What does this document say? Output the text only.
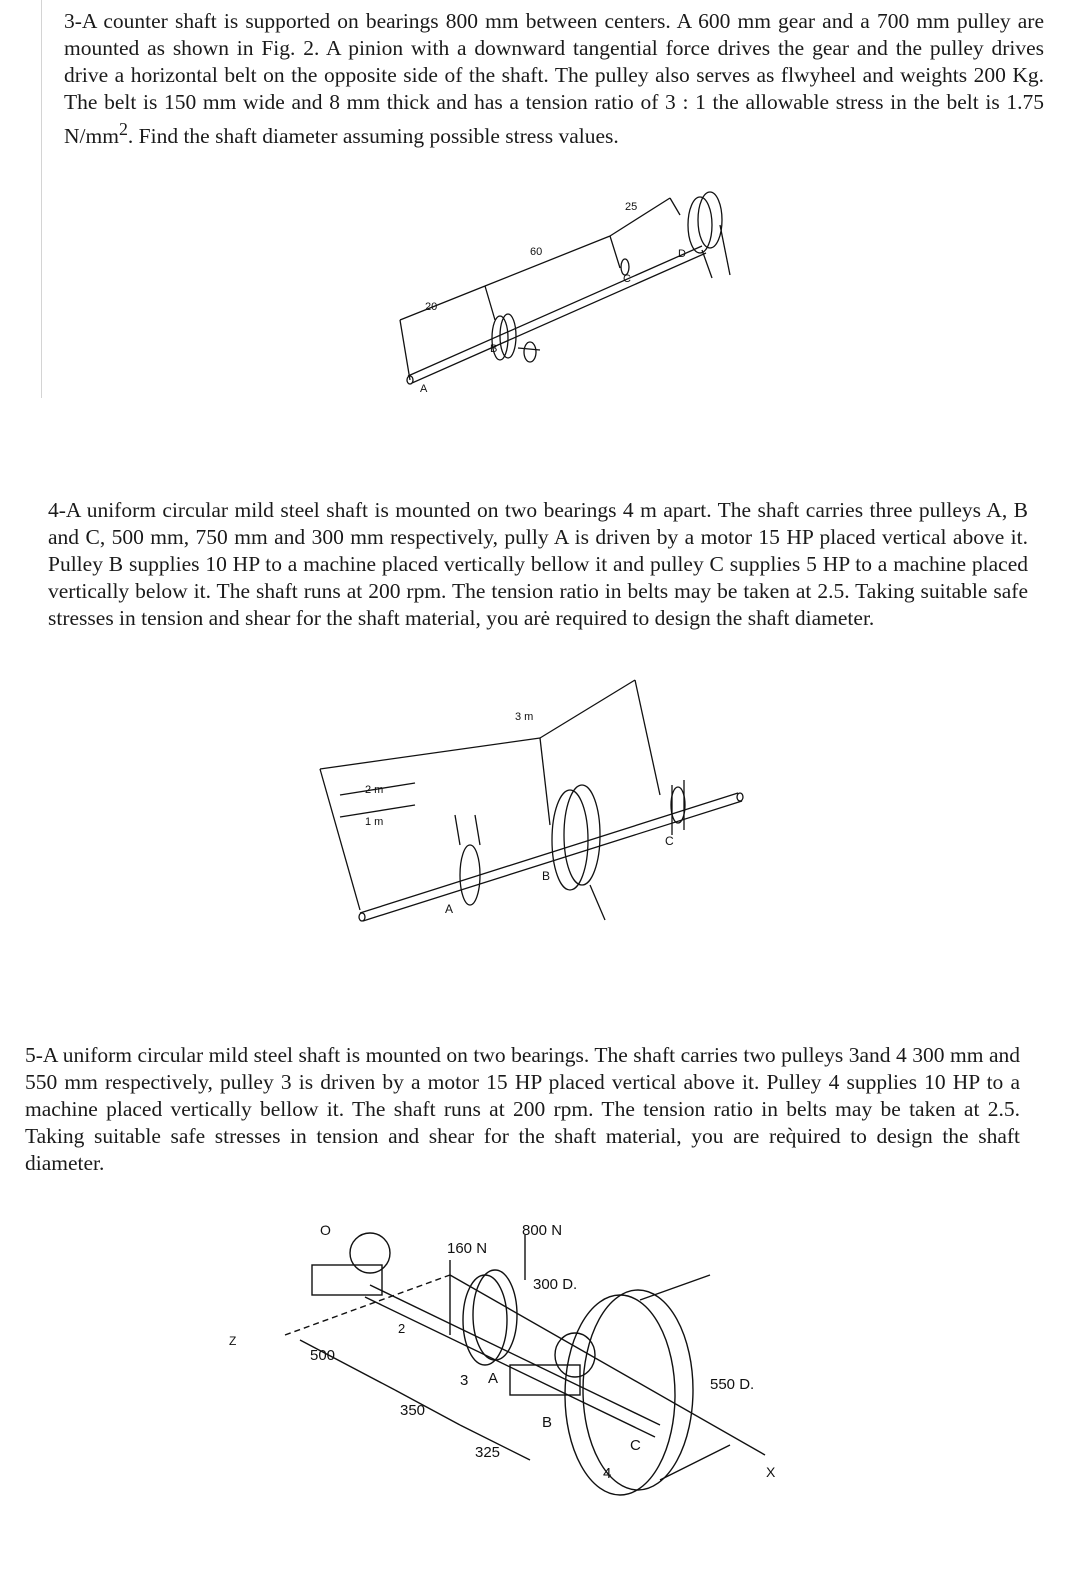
3-A counter shaft is supported on bearings 800 mm between centers. A 600 mm gear and a 700 mm pulley are mounted as shown in Fig. 2. A pinion with a downward tangential force drives the gear and the pulley drives drive a horizontal belt on the opposite side of the shaft. The pulley also serves as flwyheel and weights 200 Kg. The belt is 150 mm wide and 8 mm thick and has a tension ratio of 3 : 1 the allowable stress in the belt is 1.75 $N/mm^2$. Find the shaft diameter assuming possible stress values.

20
60
25
A
B
C
D

4-A uniform circular mild steel shaft is mounted on two bearings 4 m apart. The shaft carries three pulleys A, B and C, 500 mm, 750 mm and 300 mm respectively, pully A is driven by a motor 15 HP placed vertical above it. Pulley B supplies 10 HP to a machine placed vertically bellow it and pulley C supplies 5 HP to a machine placed vertically below it. The shaft runs at 200 rpm. The tension ratio in belts may be taken at 2.5. Taking suitable safe stresses in tension and shear for the shaft material, you arė required to design the shaft diameter.

1 m
2 m
3 m
A
B
C

5-A uniform circular mild steel shaft is mounted on two bearings. The shaft carries two pulleys 3and 4 300 mm and 550 mm respectively, pulley 3 is driven by a motor 15 HP placed vertical above it. Pulley 4 supplies 10 HP to a machine placed vertically bellow it. The shaft runs at 200 rpm. The tension ratio in belts may be taken at 2.5. Taking suitable safe stresses in tension and shear for the shaft material, you are req̀uired to design the shaft diameter.

O
Z
X
2
160 N
800 N
300 D.
550 D.
500
350
325
3 A
B
C
4
